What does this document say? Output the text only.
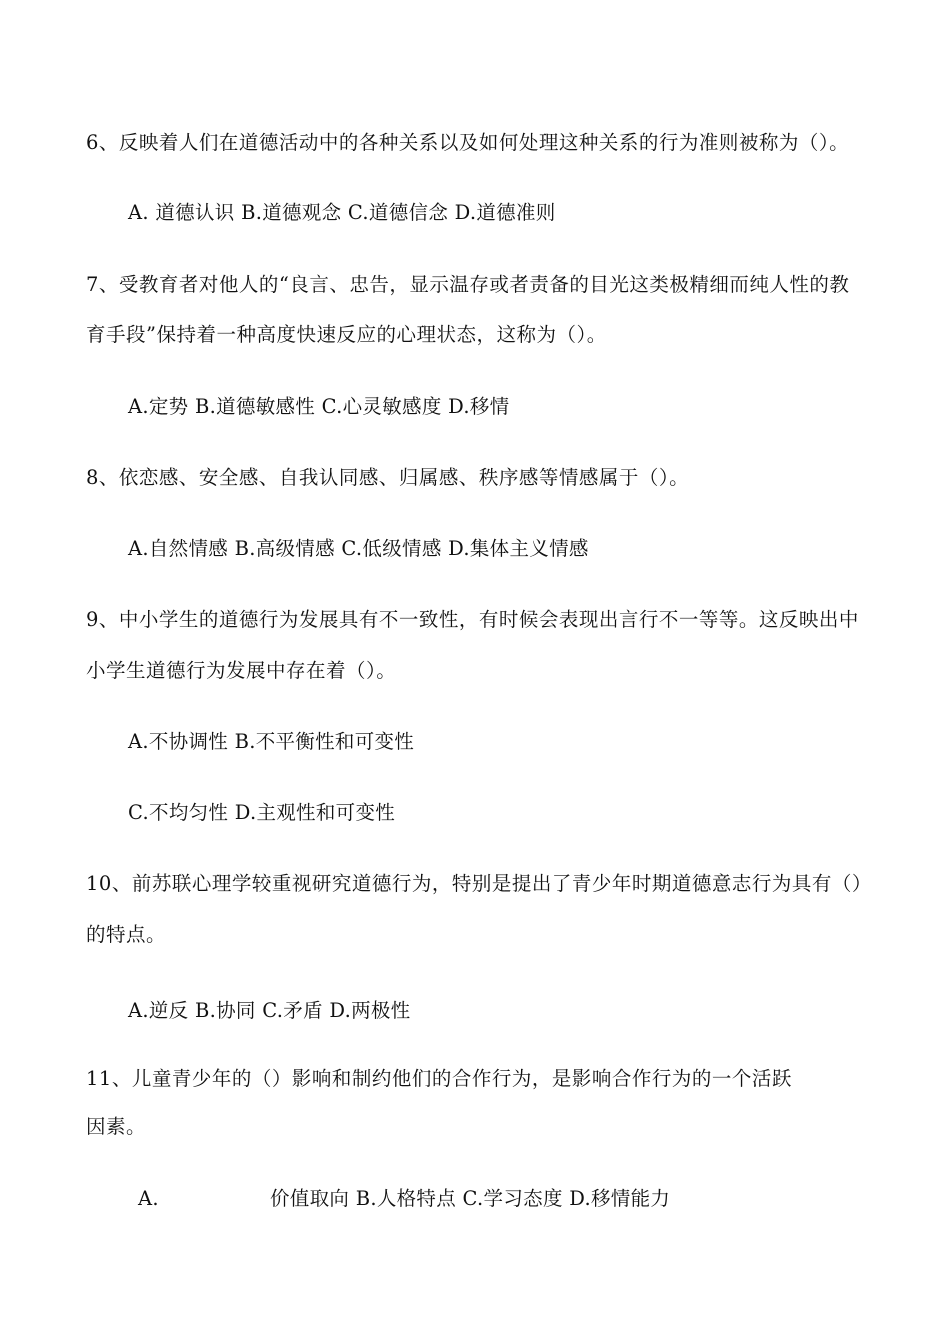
6、反映着人们在道德活动中的各种关系以及如何处理这种关系的行为准则被称为（）。
A. 道德认识 B.道德观念 C.道德信念 D.道德准则
7、受教育者对他人的“良言、忠告，显示温存或者责备的目光这类极精细而纯人性的教
育手段”保持着一种高度快速反应的心理状态，这称为（）。
A.定势 B.道德敏感性 C.心灵敏感度 D.移情
8、依恋感、安全感、自我认同感、归属感、秩序感等情感属于（）。
A.自然情感 B.高级情感 C.低级情感 D.集体主义情感
9、中小学生的道德行为发展具有不一致性，有时候会表现出言行不一等等。这反映出中
小学生道德行为发展中存在着（）。
A.不协调性 B.不平衡性和可变性
C.不均匀性 D.主观性和可变性
10、前苏联心理学较重视研究道德行为，特别是提出了青少年时期道德意志行为具有（）
的特点。
A.逆反 B.协同 C.矛盾 D.两极性
11、儿童青少年的（）影响和制约他们的合作行为，是影响合作行为的一个活跃
因素。
A.	价值取向 B.人格特点 C.学习态度 D.移情能力
